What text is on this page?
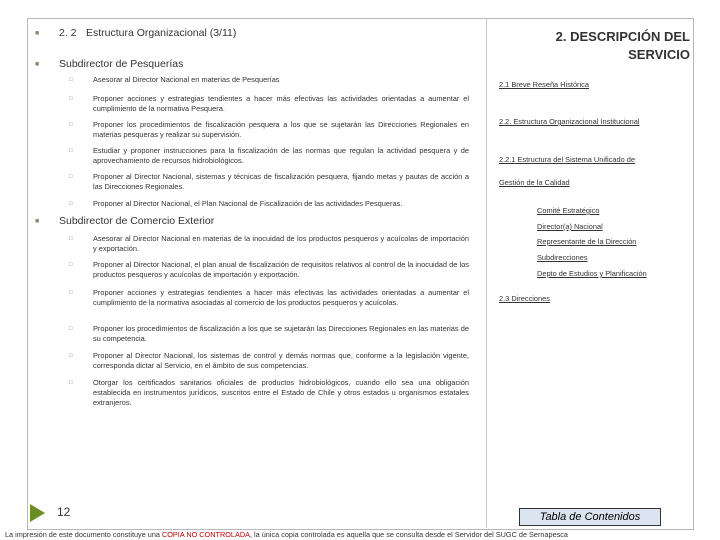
2. DESCRIPCIÓN DEL SERVICIO
■ 2. 2 Estructura Organizacional (3/11)
■ Subdirector de Pesquerías
□	Asesorar al Director Nacional en materias de Pesquerías
□	Proponer acciones y estrategias tendientes a hacer más efectivas las actividades orientadas a aumentar el cumplimiento de la normativa Pesquera.
□	Proponer los procedimientos de fiscalización pesquera a los que se sujetarán las Direcciones Regionales en materias pesqueras y realizar su supervisión.
□	Estudiar y proponer instrucciones para la fiscalización de las normas que regulan la actividad pesquera y de aprovechamiento de recursos hidrobiológicos.
□	Proponer al Director Nacional, sistemas y técnicas de fiscalización pesquera, fijando metas y pautas de acción a las Direcciones Regionales.
□	Proponer al Director Nacional, el Plan Nacional de Fiscalización de las actividades Pesqueras.
■ Subdirector de Comercio Exterior
□	Asesorar al Director Nacional en materias de la inocuidad de los productos pesqueros y acuícolas de importación y exportación.
□	Proponer al Director Nacional, el plan anual de fiscalización de requisitos relativos al control de la inocuidad de los productos pesqueros y acuícolas de importación y exportación.
□	Proponer acciones y estrategias tendientes a hacer más efectivas las actividades orientadas a aumentar el cumplimiento de la normativa asociadas al comercio de los productos pesqueros y acuícolas.
□	Proponer los procedimientos de fiscalización a los que se sujetarán las Direcciones Regionales en las materias de su competencia.
□	Proponer al Director Nacional, los sistemas de control y demás normas que, conforme a la legislación vigente, corresponda dictar al Servicio, en el ámbito de sus competencias.
□	Otorgar los certificados sanitarios oficiales de productos hidrobiológicos, cuando ello sea una obligación establecida en instrumentos jurídicos, suscritos entre el Estado de Chile y otros estados u organismos estatales extranjeros.
2.1 Breve Reseña Histórica
2.2. Estructura Organizacional Institucional
2.2.1 Estructura del Sistema Unificado de
Gestión de la Calidad
Comité Estratégico
Director(a) Nacional
Representante de la Dirección
Subdirecciones
Depto de Estudios y Planificación
2.3 Direcciones
12	Tabla de Contenidos
La impresión de este documento constituye una COPIA NO CONTROLADA, la única copia controlada es aquella que se consulta desde el Servidor del SUGC de Sernapesca
